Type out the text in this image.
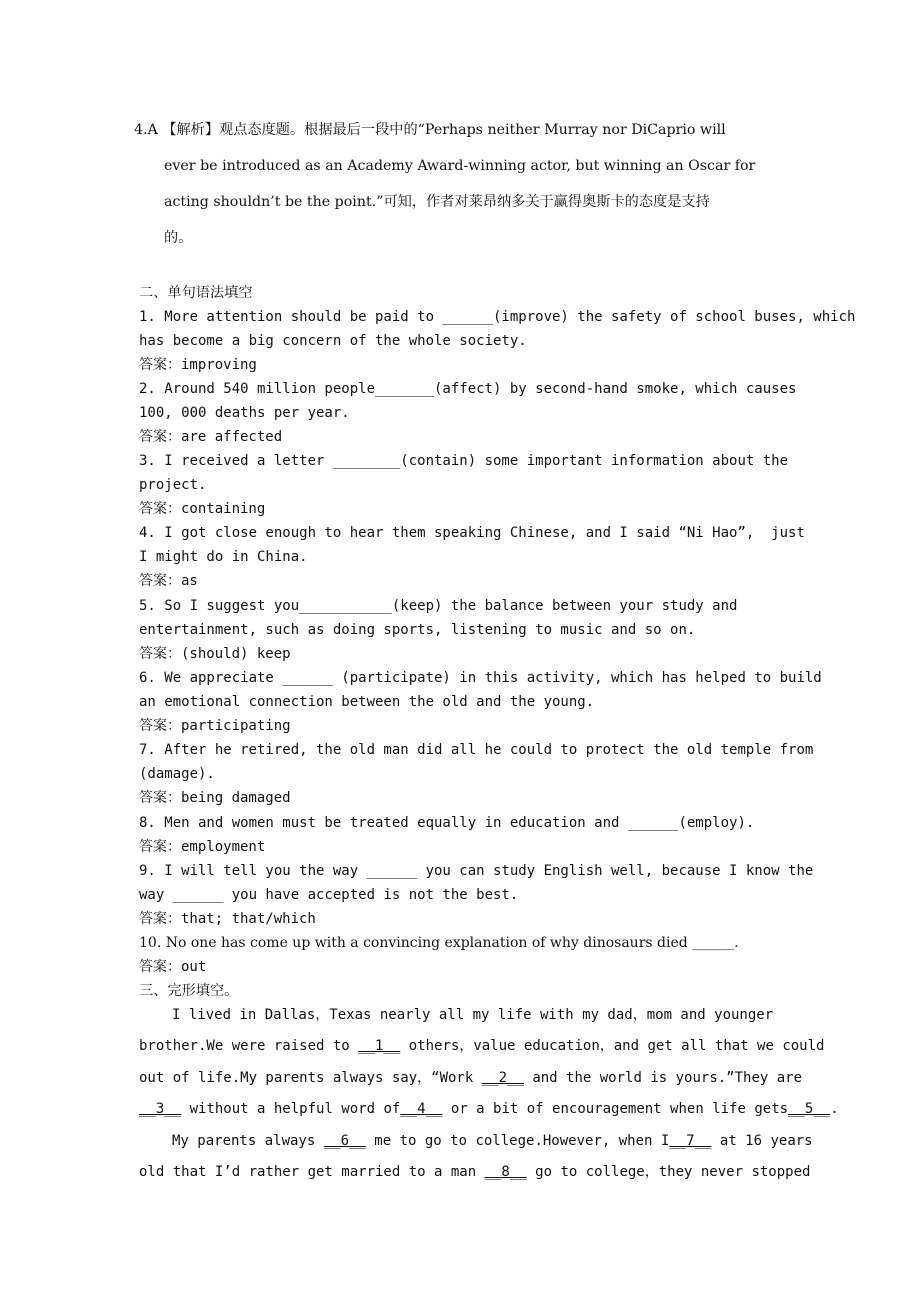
4.A 【解析】观点态度题。根据最后一段中的“Perhaps neither Murray nor DiCaprio will
ever be introduced as an Academy Award-winning actor, but winning an Oscar for
acting shouldn’t be the point.”可知，作者对莱昂纳多关于赢得奥斯卡的态度是支持
的。
二、单句语法填空
1. More attention should be paid to ______(improve) the safety of school buses, which
has become a big concern of the whole society.
答案：improving
2. Around 540 million people_______(affect) by second-hand smoke, which causes
100, 000 deaths per year.
答案：are affected
3. I received a letter ________(contain) some important information about the
project.
答案：containing
4. I got close enough to hear them speaking Chinese, and I said “Ni Hao”,  just
I might do in China.
答案：as
5. So I suggest you___________(keep) the balance between your study and
entertainment, such as doing sports, listening to music and so on.
答案：(should) keep
6. We appreciate ______ (participate) in this activity, which has helped to build
an emotional connection between the old and the young.
答案：participating
7. After he retired, the old man did all he could to protect the old temple from
(damage).
答案：being damaged
8. Men and women must be treated equally in education and ______(employ).
答案：employment
9. I will tell you the way ______ you can study English well, because I know the
way ______ you have accepted is not the best.
答案：that; that/which
10. No one has come up with a convincing explanation of why dinosaurs died ______.
答案：out
三、完形填空。
I lived in Dallas，Texas nearly all my life with my dad，mom and younger
brother.We were raised to __1__ others，value education，and get all that we could
out of life.My parents always say，“Work __2__ and the world is yours.”They are
__3__ without a helpful word of__4__ or a bit of encouragement when life gets__5__.
My parents always __6__ me to go to college.However, when I__7__ at 16 years
old that I’d rather get married to a man __8__ go to college，they never stopped
